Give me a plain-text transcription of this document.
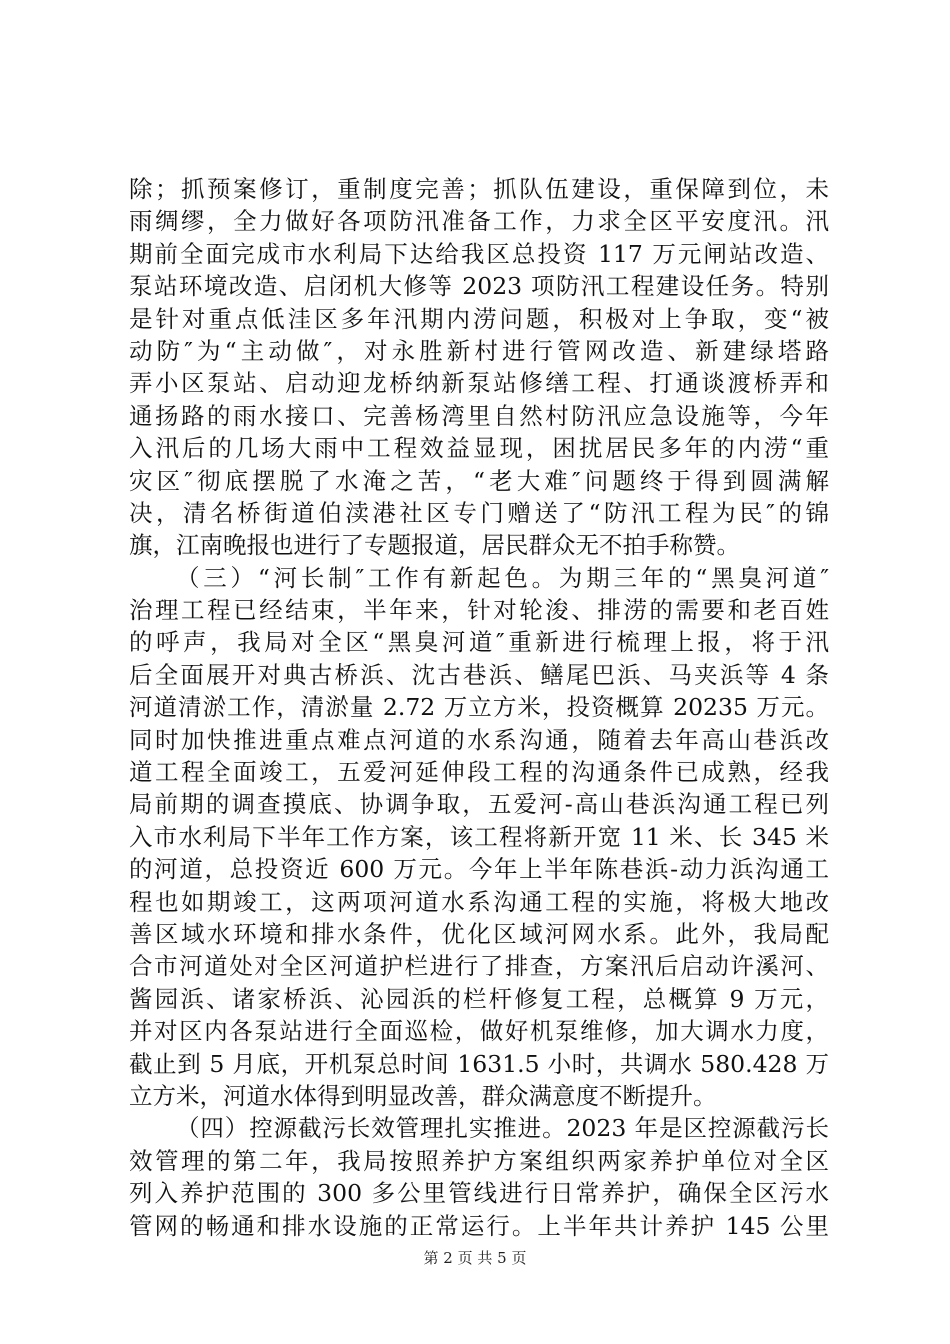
除；抓预案修订，重制度完善；抓队伍建设，重保障到位，未
雨绸缪，全力做好各项防汛准备工作，力求全区平安度汛。汛
期前全面完成市水利局下达给我区总投资 117 万元闸站改造、
泵站环境改造、启闭机大修等 2023 项防汛工程建设任务。特别
是针对重点低洼区多年汛期内涝问题，积极对上争取，变“被
动防″为“主动做″，对永胜新村进行管网改造、新建绿塔路
弄小区泵站、启动迎龙桥纳新泵站修缮工程、打通谈渡桥弄和
通扬路的雨水接口、完善杨湾里自然村防汛应急设施等，今年
入汛后的几场大雨中工程效益显现，困扰居民多年的内涝“重
灾区″彻底摆脱了水淹之苦，“老大难″问题终于得到圆满解
决，清名桥街道伯渎港社区专门赠送了“防汛工程为民″的锦
旗，江南晚报也进行了专题报道，居民群众无不拍手称赞。
（三）“河长制″工作有新起色。为期三年的“黑臭河道″
治理工程已经结束，半年来，针对轮浚、排涝的需要和老百姓
的呼声，我局对全区“黑臭河道″重新进行梳理上报，将于汛
后全面展开对典古桥浜、沈古巷浜、鳝尾巴浜、马夹浜等 4 条
河道清淤工作，清淤量 2.72 万立方米，投资概算 20235 万元。
同时加快推进重点难点河道的水系沟通，随着去年高山巷浜改
道工程全面竣工，五爱河延伸段工程的沟通条件已成熟，经我
局前期的调查摸底、协调争取，五爱河-高山巷浜沟通工程已列
入市水利局下半年工作方案，该工程将新开宽 11 米、长 345 米
的河道，总投资近 600 万元。今年上半年陈巷浜-动力浜沟通工
程也如期竣工，这两项河道水系沟通工程的实施，将极大地改
善区域水环境和排水条件，优化区域河网水系。此外，我局配
合市河道处对全区河道护栏进行了排查，方案汛后启动许溪河、
酱园浜、诸家桥浜、沁园浜的栏杆修复工程，总概算 9 万元，
并对区内各泵站进行全面巡检，做好机泵维修，加大调水力度，
截止到 5 月底，开机泵总时间 1631.5 小时，共调水 580.428 万
立方米，河道水体得到明显改善，群众满意度不断提升。
（四）控源截污长效管理扎实推进。2023 年是区控源截污长
效管理的第二年，我局按照养护方案组织两家养护单位对全区
列入养护范围的 300 多公里管线进行日常养护，确保全区污水
管网的畅通和排水设施的正常运行。上半年共计养护 145 公里
第 2 页 共 5 页
